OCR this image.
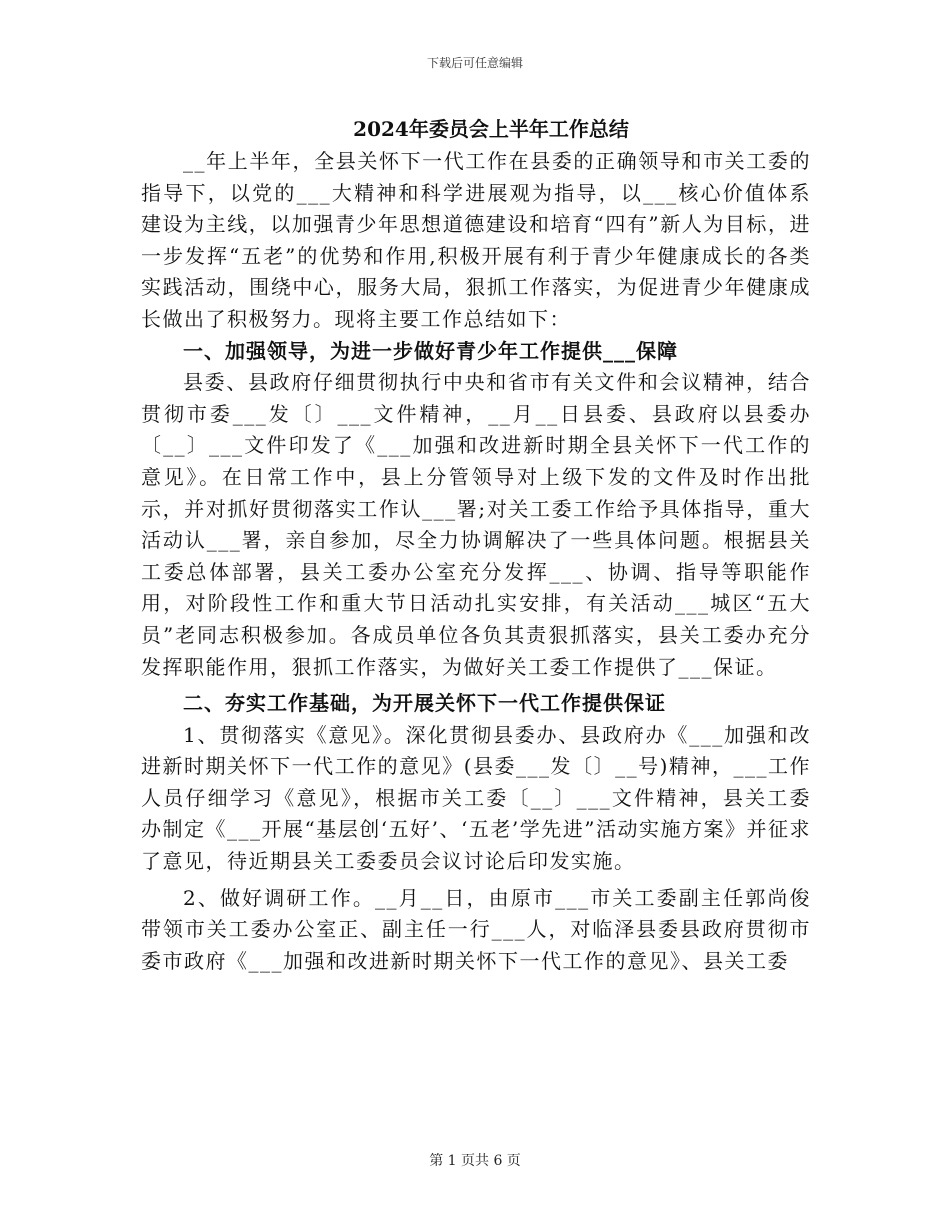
下载后可任意编辑
2024年委员会上半年工作总结

__年上半年，全县关怀下一代工作在县委的正确领导和市关工委的指导下，以党的___大精神和科学进展观为指导，以___核心价值体系建设为主线，以加强青少年思想道德建设和培育“四有”新人为目标，进一步发挥“五老”的优势和作用,积极开展有利于青少年健康成长的各类实践活动，围绕中心，服务大局，狠抓工作落实，为促进青少年健康成长做出了积极努力。现将主要工作总结如下：

一、加强领导，为进一步做好青少年工作提供___保障

县委、县政府仔细贯彻执行中央和省市有关文件和会议精神，结合贯彻市委___发〔〕___文件精神，__月__日县委、县政府以县委办〔__〕___文件印发了《___加强和改进新时期全县关怀下一代工作的意见》。在日常工作中，县上分管领导对上级下发的文件及时作出批示，并对抓好贯彻落实工作认___署;对关工委工作给予具体指导，重大活动认___署，亲自参加，尽全力协调解决了一些具体问题。根据县关工委总体部署，县关工委办公室充分发挥___、协调、指导等职能作用，对阶段性工作和重大节日活动扎实安排，有关活动___城区“五大员”老同志积极参加。各成员单位各负其责狠抓落实，县关工委办充分发挥职能作用，狠抓工作落实，为做好关工委工作提供了___保证。

二、夯实工作基础，为开展关怀下一代工作提供保证

1、贯彻落实《意见》。深化贯彻县委办、县政府办《___加强和改进新时期关怀下一代工作的意见》(县委___发〔〕__号)精神，___工作人员仔细学习《意见》，根据市关工委〔__〕___文件精神，县关工委办制定《___开展“基层创‘五好’、‘五老’学先进”活动实施方案》并征求了意见，待近期县关工委委员会议讨论后印发实施。

2、做好调研工作。__月__日，由原市___市关工委副主任郭尚俊带领市关工委办公室正、副主任一行___人，对临泽县委县政府贯彻市委市政府《___加强和改进新时期关怀下一代工作的意见》、县关工委

第 1 页共 6 页
